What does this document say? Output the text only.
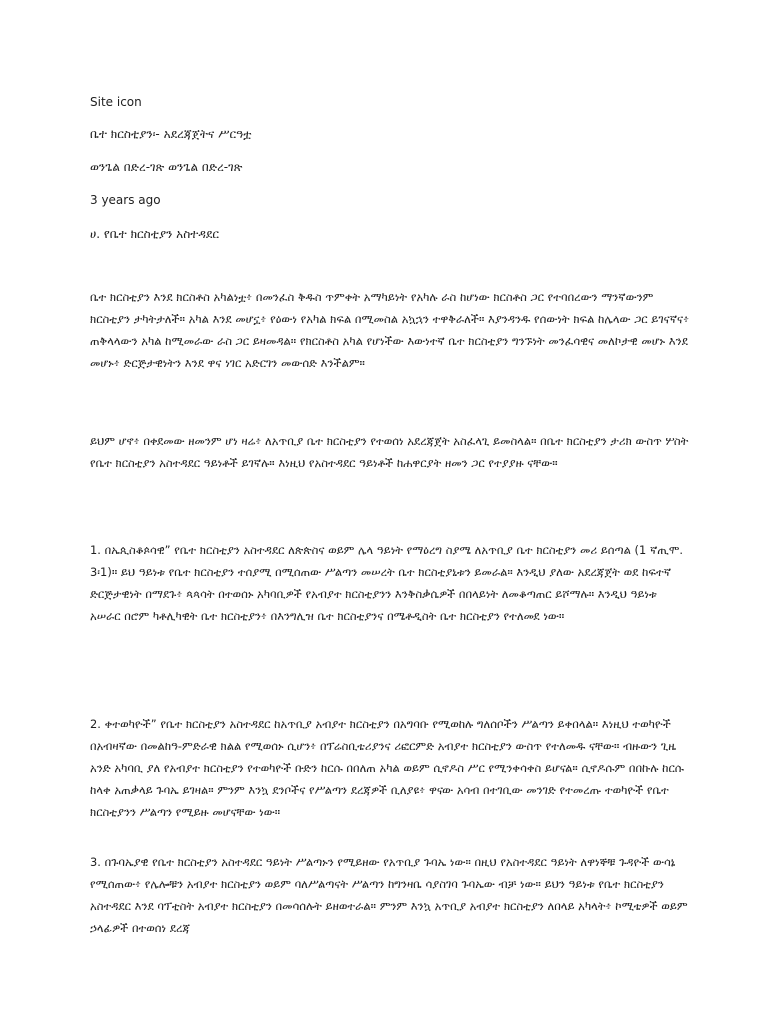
Site icon

ቤተ ክርስቲያን፡- አደረጃጀትና ሥርዓቷ

ወንጌል በድረ-ገጽ ወንጌል በድረ-ገጽ

3 years ago

ሀ. የቤተ ክርስቲያን አስተዳደር

ቤተ ክርስቲያን እንደ ክርስቶስ አካልነቷ፥ በመንፈስ ቅዱስ ጥምቀት አማካይነት የአካሉ ራስ ከሆነው ክርስቶስ ጋር የተባበረውን ማንኛውንም ክርስቲያን ታካትታለች። አካል እንደ መሆኗ፥ የዕውነ የአካል ክፍል በሚመስል አኳኋን ተዋቅራለች። እያንዳንዱ የሰውነት ክፍል ከሌላው ጋር ይገናኛና፥ ጠቅላላውን አካል ከሚመራው ራስ ጋር ይዛመዳል። የክርስቶስ አካል የሆነችው እውነተኛ ቤተ ክርስቲያን ግንኙነት መንፈሳዊና መለኮታዊ መሆኑ እንደ መሆኑ፥ ድርጅታዊነትን እንደ ዋና ነገር አድርገን መውሰድ እንችልም።

ይህም ሆኖ፥ በቀደመው ዘመንም ሆነ ዛሬ፥ ለአጥቢያ ቤተ ክርስቲያን የተወሰነ አደረጃጀት አስፈላጊ ይመስላል። በቤተ ክርስቲያን ታሪክ ውስጥ ሦስት የቤተ ክርስቲያን አስተዳደር ዓይነቶች ይገኛሉ። እነዚህ የአስተዳደር ዓይነቶች ከሐዋርያት ዘመን ጋር የተያያዙ ናቸው።

1. በኤጲስቆጶሳዊ” የቤተ ክርስቲያን አስተዳደር ለጵጵስና ወይም ሌላ ዓይነት የማዕረግ ስያሜ ለአጥቢያ ቤተ ክርስቲያን መሪ ይሰጣል (1 ኛጢሞ. 3፡1)። ይህ ዓይነቱ የቤተ ክርስቲያን ተሰያሚ በሚሰጠው ሥልጣን መሠረት ቤተ ክርስቲያኒቱን ይመራል። እንዲህ ያለው አደረጃጀት ወደ ከፍተኛ ድርጅታዊነት በማደጉ፥ ጳጳሳት በተወሰኑ አካባቢዎች የአብያተ ክርስቲያንን እንቅስቃሴዎች በበላይነት ለመቆጣጠር ይሾማሉ። እንዲህ ዓይነቱ አሠራር በሮም ካቶሊካዊት ቤተ ክርስቲያን፥ በእንግሊዝ ቤተ ክርስቲያንና በሜቶዲስት ቤተ ክርስቲያን የተለመደ ነው።

2. ቀተወካዮች” የቤተ ክርስቲያን አስተዳደር ከአጥቢያ አብያተ ክርስቲያን በአግባቡ የሚወከሉ ግለሰቦችን ሥልጣን ይቀበላል። እነዚህ ተወካዮች በአብዛኛው በመልከዓ-ምድራዊ ክልል የሚወሰኑ ሲሆን፥ በፕሬስቢቴሪያንና ሪፎርምድ አብያተ ክርስቲያን ውስጥ የተለመዱ ናቸው። ብዙውን ጊዜ አንድ አካባቢ ያለ የአብያተ ክርስቲያን የተወካዮች ቡድን ከርሱ በበለጠ አካል ወይም ሲኖዶስ ሥር የሚንቀሳቀስ ይሆናል። ሲኖዶሱም በበኩሉ ከርሱ ከላቀ አጠቃላይ ጉባኤ ይገዛል። ምንም እንኳ ደንቦችና የሥልጣን ደረጃዎች ቢለያዩ፥ ዋናው አሳብ በተገቢው መንገድ የተመረጡ ተወካዮች የቤተ ክርስቲያንን ሥልጣን የሚይዙ መሆናቸው ነው።

3. በጉባኤያዊ የቤተ ክርስቲያን አስተዳደር ዓይነት ሥልጣኑን የሚይዘው የአጥቢያ ጉባኤ ነው። በዚህ የአስተዳደር ዓይነት ለዋነኞቹ ጉዳዮች ውሳኔ የሚሰጠው፥ የሌሎቹን አብያተ ክርስቲያን ወይም ባለሥልጣናት ሥልጣን ከግንዛቤ ሳያስገባ ጉባኤው ብቻ ነው። ይህን ዓይነቱ የቤተ ክርስቲያን አስተዳደር እንደ ባፕቲስት አብያተ ክርስቲያን በመሳሰሉት ይዘወተራል። ምንም እንኳ አጥቢያ አብያተ ክርስቲያን ለበላይ አካላት፥ ኮሚቴዎች ወይም ኃላፊዎች በተወሰነ ደረጃ
